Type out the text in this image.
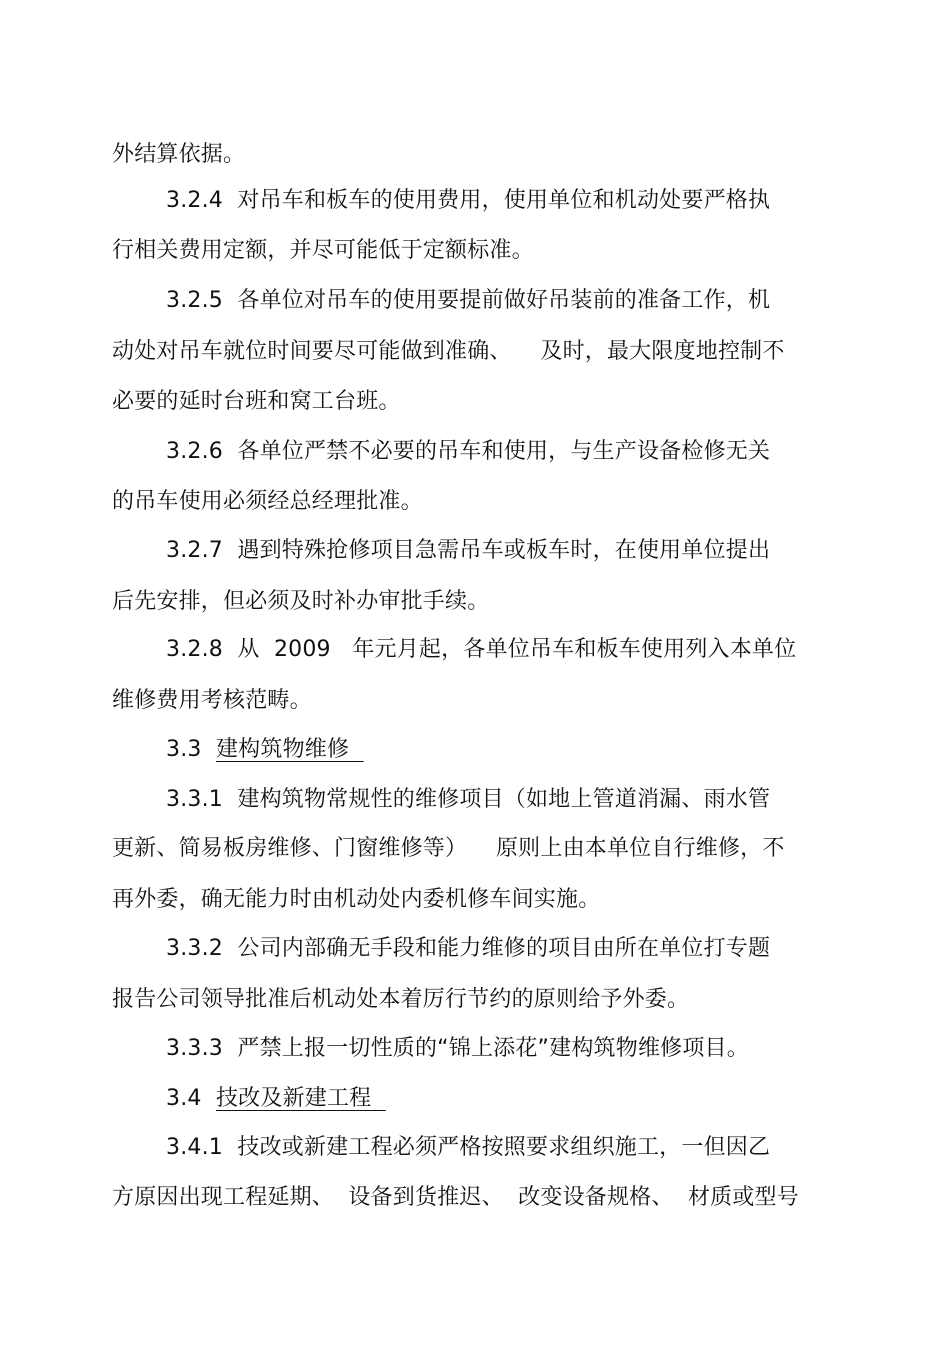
外结算依据。
3.2.4  对吊车和板车的使用费用，使用单位和机动处要严格执
行相关费用定额，并尽可能低于定额标准。
3.2.5  各单位对吊车的使用要提前做好吊装前的准备工作，机
动处对吊车就位时间要尽可能做到准确、    及时，最大限度地控制不
必要的延时台班和窝工台班。
3.2.6  各单位严禁不必要的吊车和使用，与生产设备检修无关
的吊车使用必须经总经理批准。
3.2.7  遇到特殊抢修项目急需吊车或板车时，在使用单位提出
后先安排，但必须及时补办审批手续。
3.2.8  从  2009   年元月起，各单位吊车和板车使用列入本单位
维修费用考核范畴。
3.3  建构筑物维修
3.3.1  建构筑物常规性的维修项目（如地上管道消漏、雨水管
更新、简易板房维修、门窗维修等）    原则上由本单位自行维修，不
再外委，确无能力时由机动处内委机修车间实施。
3.3.2  公司内部确无手段和能力维修的项目由所在单位打专题
报告公司领导批准后机动处本着厉行节约的原则给予外委。
3.3.3  严禁上报一切性质的“锦上添花”建构筑物维修项目。
3.4  技改及新建工程
3.4.1  技改或新建工程必须严格按照要求组织施工，一但因乙
方原因出现工程延期、  设备到货推迟、  改变设备规格、  材质或型号
